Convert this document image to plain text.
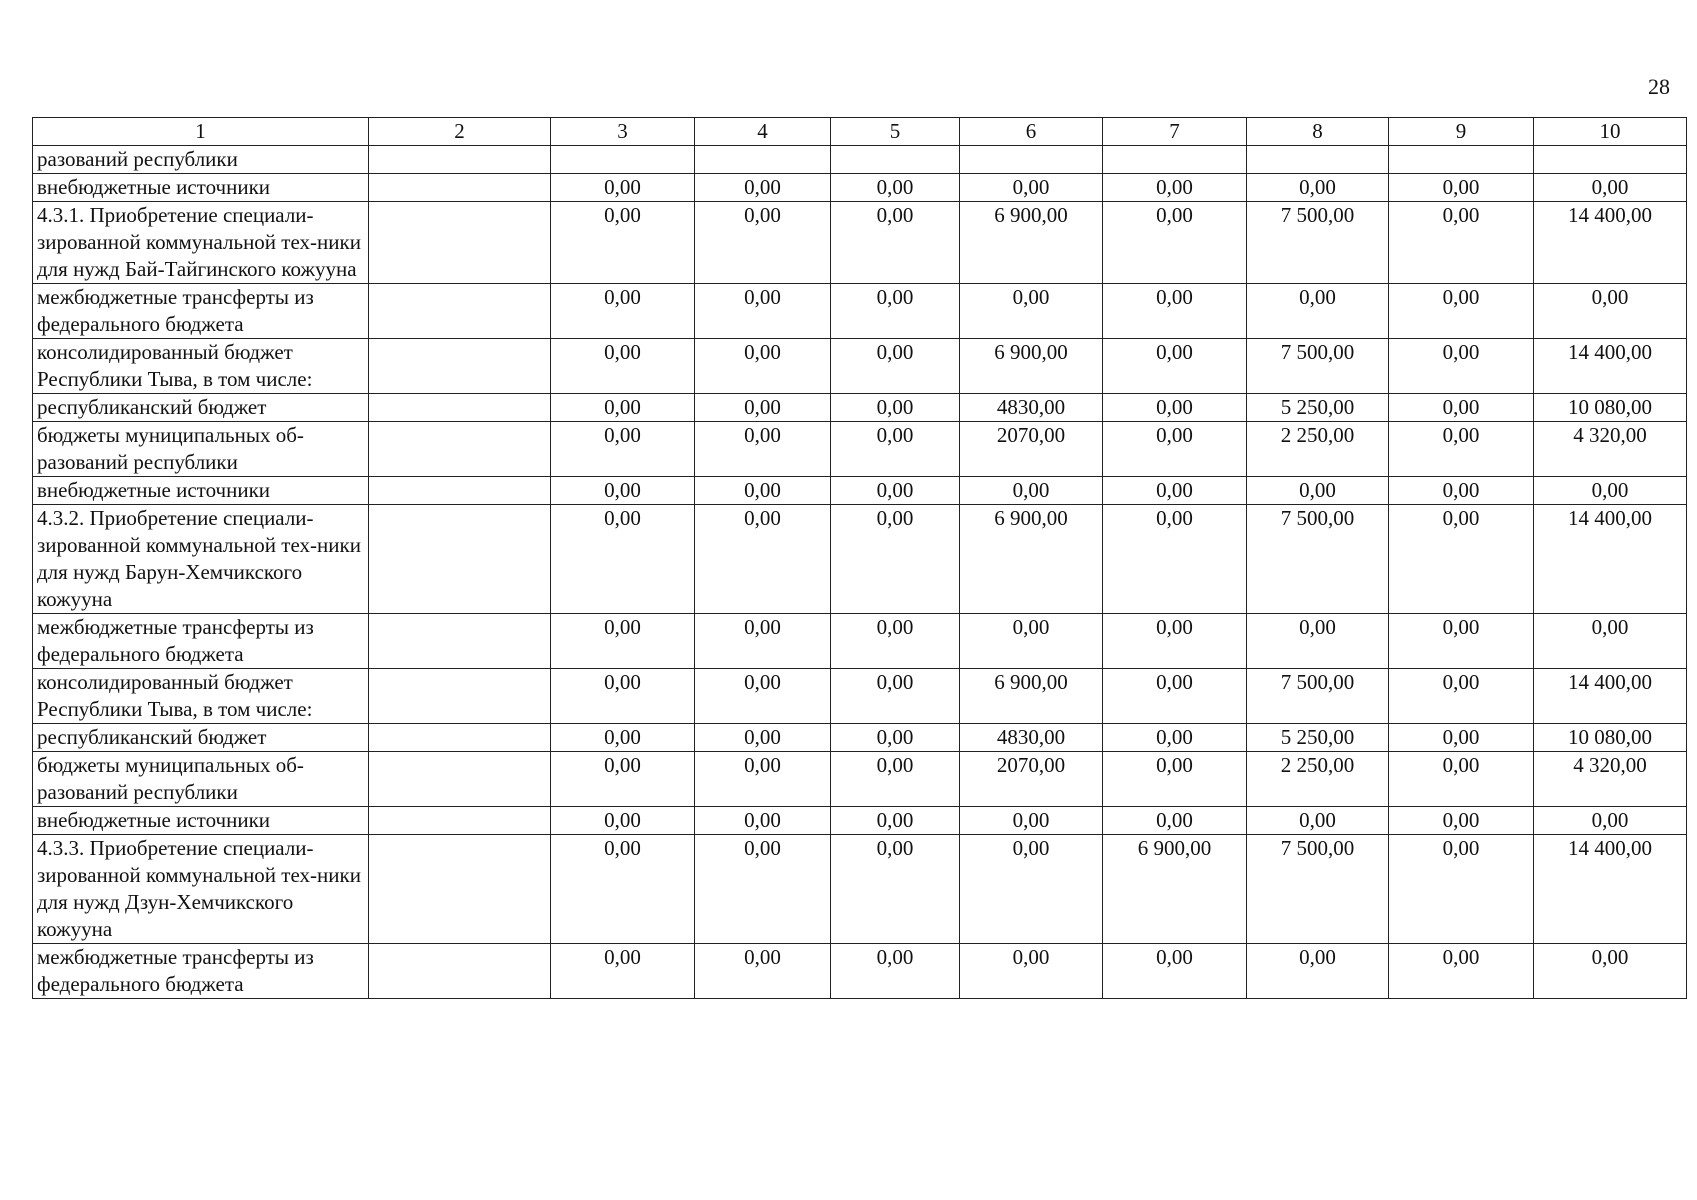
28
1	2	3	4	5	6	7	8	9	10
разований республики									
внебюджетные источники		0,00	0,00	0,00	0,00	0,00	0,00	0,00	0,00
4.3.1. Приобретение специали-зированной коммунальной тех-ники для нужд Бай-Тайгинского кожууна		0,00	0,00	0,00	6 900,00	0,00	7 500,00	0,00	14 400,00
межбюджетные трансферты из федерального бюджета		0,00	0,00	0,00	0,00	0,00	0,00	0,00	0,00
консолидированный бюджет Республики Тыва, в том числе:		0,00	0,00	0,00	6 900,00	0,00	7 500,00	0,00	14 400,00
республиканский бюджет		0,00	0,00	0,00	4830,00	0,00	5 250,00	0,00	10 080,00
бюджеты муниципальных об-разований республики		0,00	0,00	0,00	2070,00	0,00	2 250,00	0,00	4 320,00
внебюджетные источники		0,00	0,00	0,00	0,00	0,00	0,00	0,00	0,00
4.3.2. Приобретение специали-зированной коммунальной тех-ники для нужд Барун-Хемчикского кожууна		0,00	0,00	0,00	6 900,00	0,00	7 500,00	0,00	14 400,00
межбюджетные трансферты из федерального бюджета		0,00	0,00	0,00	0,00	0,00	0,00	0,00	0,00
консолидированный бюджет Республики Тыва, в том числе:		0,00	0,00	0,00	6 900,00	0,00	7 500,00	0,00	14 400,00
республиканский бюджет		0,00	0,00	0,00	4830,00	0,00	5 250,00	0,00	10 080,00
бюджеты муниципальных об-разований республики		0,00	0,00	0,00	2070,00	0,00	2 250,00	0,00	4 320,00
внебюджетные источники		0,00	0,00	0,00	0,00	0,00	0,00	0,00	0,00
4.3.3. Приобретение специали-зированной коммунальной тех-ники для нужд Дзун-Хемчикского кожууна		0,00	0,00	0,00	0,00	6 900,00	7 500,00	0,00	14 400,00
межбюджетные трансферты из федерального бюджета		0,00	0,00	0,00	0,00	0,00	0,00	0,00	0,00
